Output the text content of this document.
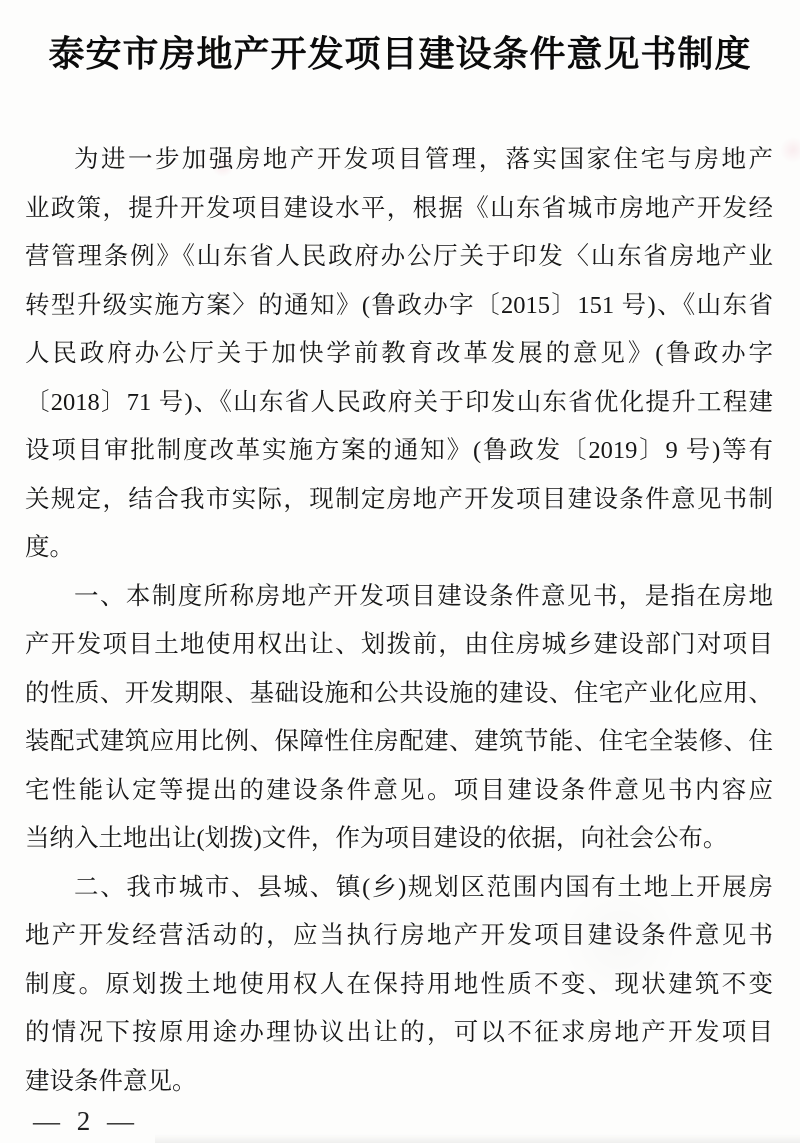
泰安市房地产开发项目建设条件意见书制度

为进一步加强房地产开发项目管理，落实国家住宅与房地产
业政策，提升开发项目建设水平，根据《山东省城市房地产开发经
营管理条例》《山东省人民政府办公厅关于印发〈山东省房地产业
转型升级实施方案〉的通知》(鲁政办字〔2015〕151 号)、《山东省
人民政府办公厅关于加快学前教育改革发展的意见》(鲁政办字
〔2018〕71 号)、《山东省人民政府关于印发山东省优化提升工程建
设项目审批制度改革实施方案的通知》(鲁政发〔2019〕9 号)等有
关规定，结合我市实际，现制定房地产开发项目建设条件意见书制
度。

一、本制度所称房地产开发项目建设条件意见书，是指在房地
产开发项目土地使用权出让、划拨前，由住房城乡建设部门对项目
的性质、开发期限、基础设施和公共设施的建设、住宅产业化应用、
装配式建筑应用比例、保障性住房配建、建筑节能、住宅全装修、住
宅性能认定等提出的建设条件意见。项目建设条件意见书内容应
当纳入土地出让(划拨)文件，作为项目建设的依据，向社会公布。

二、我市城市、县城、镇(乡)规划区范围内国有土地上开展房
地产开发经营活动的，应当执行房地产开发项目建设条件意见书
制度。原划拨土地使用权人在保持用地性质不变、现状建筑不变
的情况下按原用途办理协议出让的，可以不征求房地产开发项目
建设条件意见。

— 2 —
